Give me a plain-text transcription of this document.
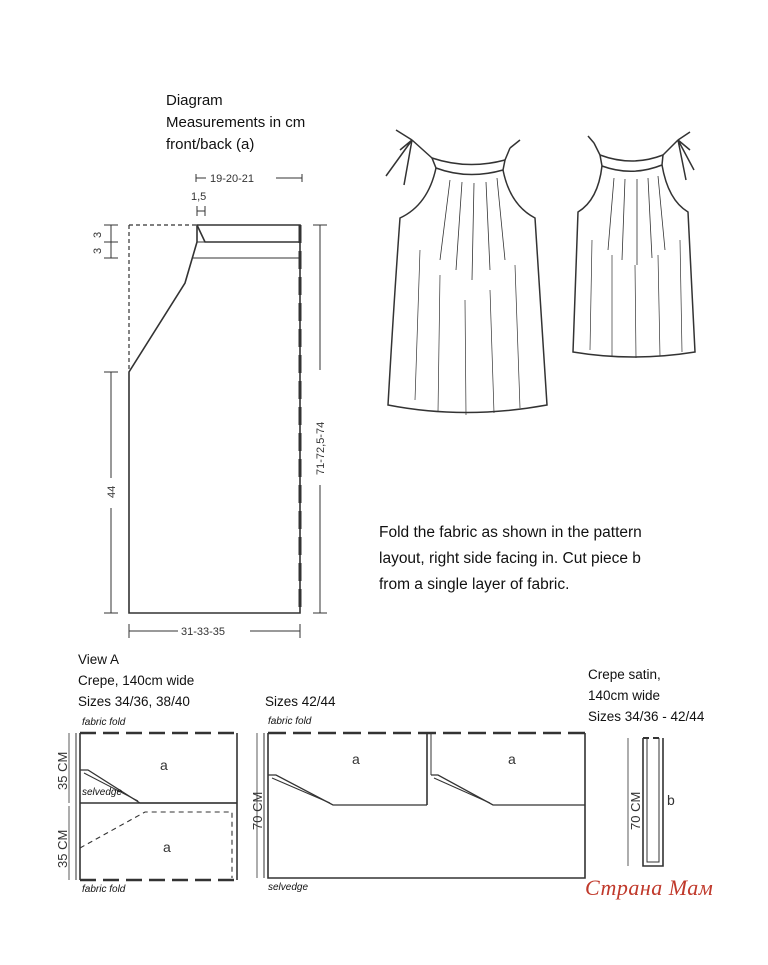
19-20-21
1,5
3
3
44
71-72,5-74
31-33-35
35 CM
35 CM
a
a
70 CM
a	a
70 CM b
Diagram
Measurements in cm
front/back (a)
Fold the fabric as shown in the pattern
layout, right side facing in. Cut piece b
from a single layer of fabric.
View A
Crepe, 140cm wide
Sizes 34/36, 38/40
fabric fold
selvedge
fabric fold
Sizes 42/44
fabric fold
selvedge
Crepe satin,
140cm wide
Sizes 34/36 - 42/44
Страна Мам
